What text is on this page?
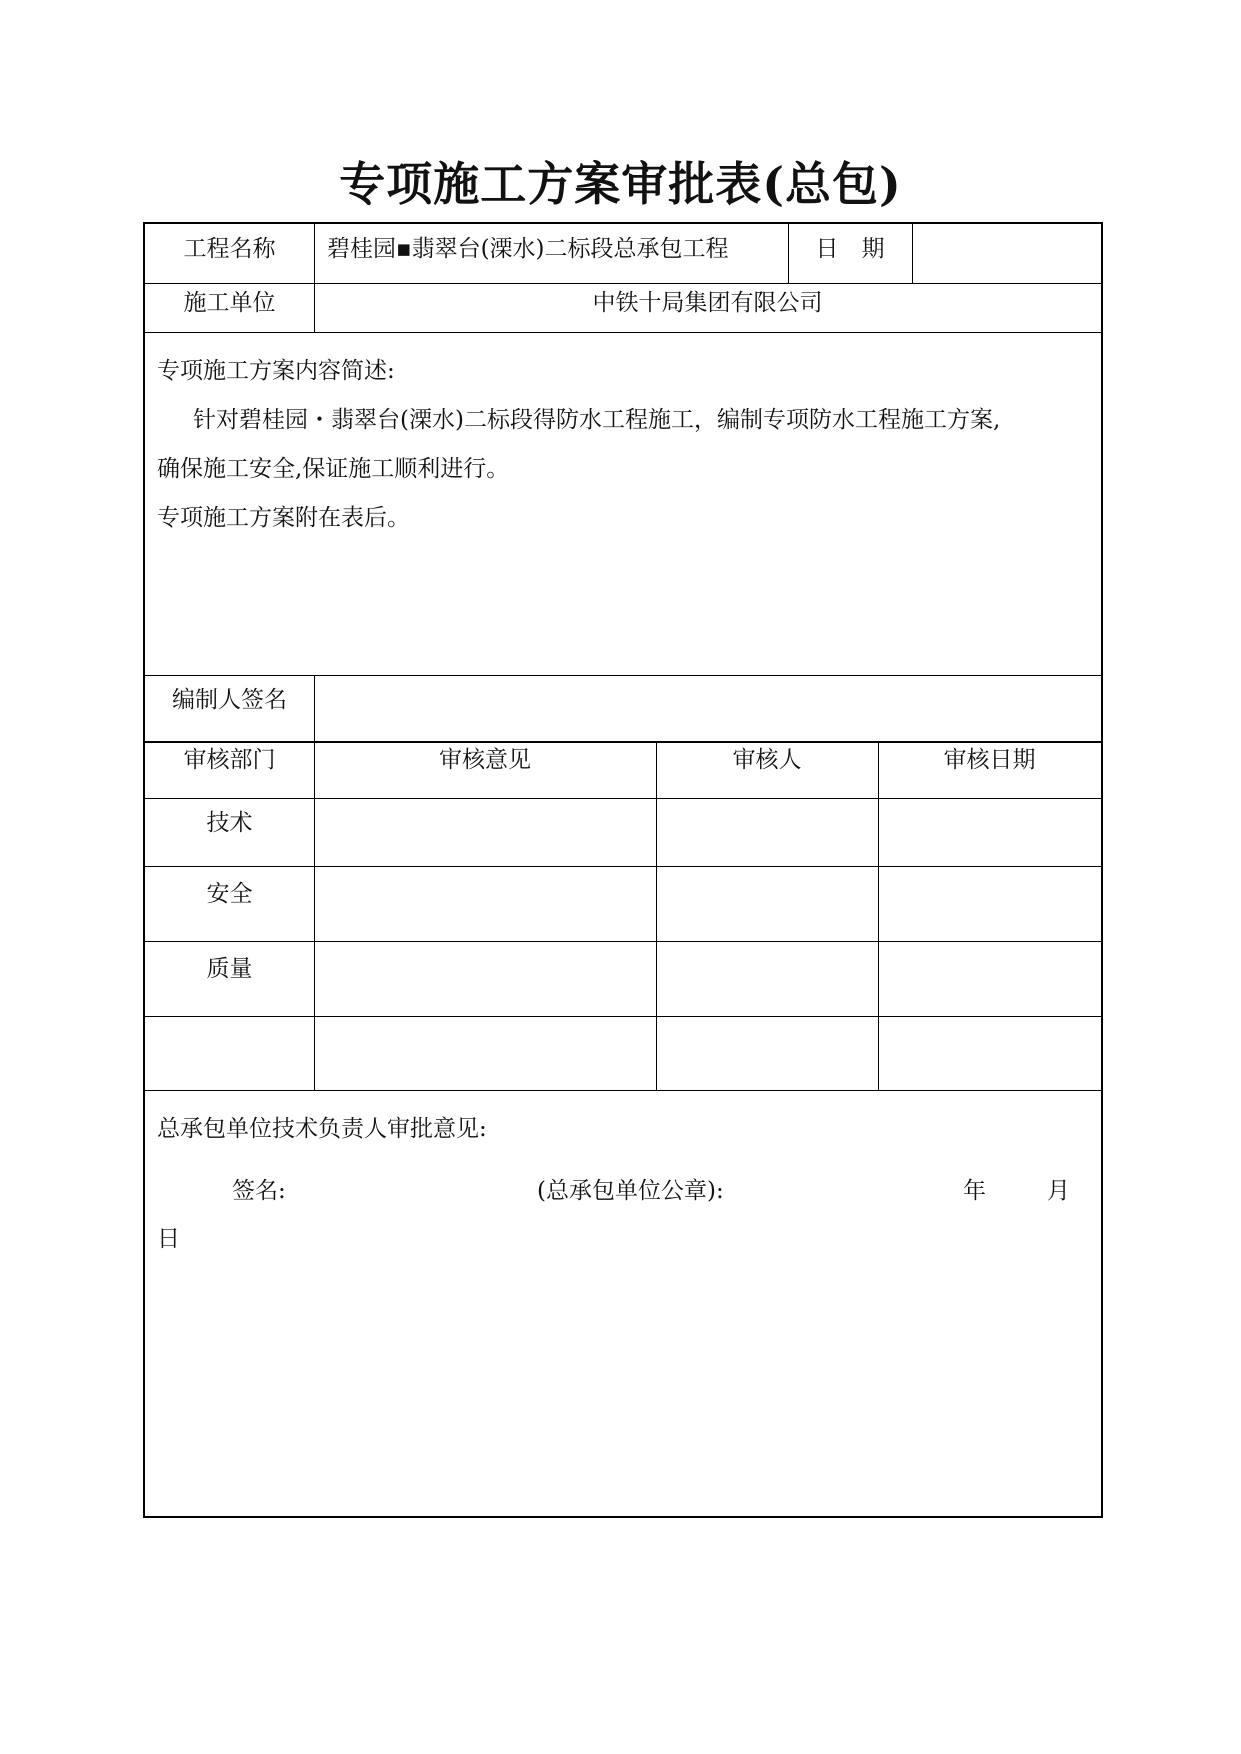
专项施工方案审批表(总包)
工程名称	碧桂园▪翡翠台(溧水)二标段总承包工程	日　期
施工单位	中铁十局集团有限公司
专项施工方案内容简述:
针对碧桂园・翡翠台(溧水)二标段得防水工程施工，编制专项防水工程施工方案,
确保施工安全,保证施工顺利进行。
专项施工方案附在表后。
编制人签名
审核部门	审核意见	审核人	审核日期
技术
安全
质量
总承包单位技术负责人审批意见:
签名:	(总承包单位公章):	年	月
日
